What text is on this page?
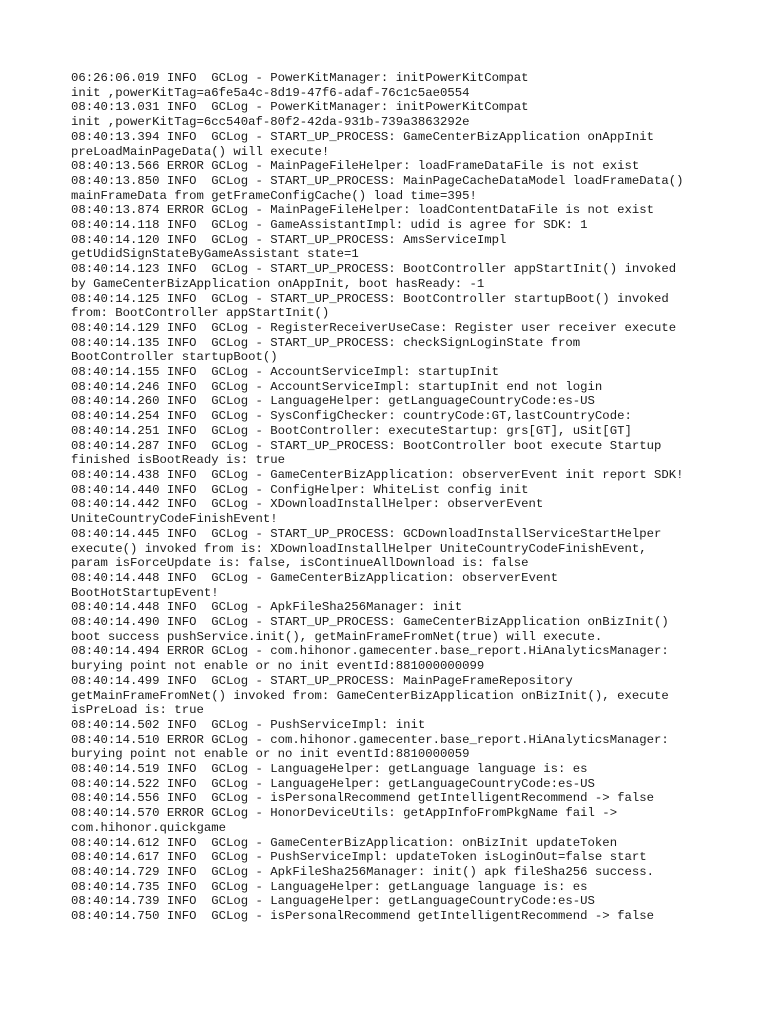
06:26:06.019 INFO  GCLog - PowerKitManager: initPowerKitCompat
init ,powerKitTag=a6fe5a4c-8d19-47f6-adaf-76c1c5ae0554
08:40:13.031 INFO  GCLog - PowerKitManager: initPowerKitCompat
init ,powerKitTag=6cc540af-80f2-42da-931b-739a3863292e
08:40:13.394 INFO  GCLog - START_UP_PROCESS: GameCenterBizApplication onAppInit
preLoadMainPageData() will execute!
08:40:13.566 ERROR GCLog - MainPageFileHelper: loadFrameDataFile is not exist
08:40:13.850 INFO  GCLog - START_UP_PROCESS: MainPageCacheDataModel loadFrameData()
mainFrameData from getFrameConfigCache() load time=395!
08:40:13.874 ERROR GCLog - MainPageFileHelper: loadContentDataFile is not exist
08:40:14.118 INFO  GCLog - GameAssistantImpl: udid is agree for SDK: 1
08:40:14.120 INFO  GCLog - START_UP_PROCESS: AmsServiceImpl
getUdidSignStateByGameAssistant state=1
08:40:14.123 INFO  GCLog - START_UP_PROCESS: BootController appStartInit() invoked
by GameCenterBizApplication onAppInit, boot hasReady: -1
08:40:14.125 INFO  GCLog - START_UP_PROCESS: BootController startupBoot() invoked
from: BootController appStartInit()
08:40:14.129 INFO  GCLog - RegisterReceiverUseCase: Register user receiver execute
08:40:14.135 INFO  GCLog - START_UP_PROCESS: checkSignLoginState from
BootController startupBoot()
08:40:14.155 INFO  GCLog - AccountServiceImpl: startupInit
08:40:14.246 INFO  GCLog - AccountServiceImpl: startupInit end not login
08:40:14.260 INFO  GCLog - LanguageHelper: getLanguageCountryCode:es-US
08:40:14.254 INFO  GCLog - SysConfigChecker: countryCode:GT,lastCountryCode:
08:40:14.251 INFO  GCLog - BootController: executeStartup: grs[GT], uSit[GT]
08:40:14.287 INFO  GCLog - START_UP_PROCESS: BootController boot execute Startup
finished isBootReady is: true
08:40:14.438 INFO  GCLog - GameCenterBizApplication: observerEvent init report SDK!
08:40:14.440 INFO  GCLog - ConfigHelper: WhiteList config init
08:40:14.442 INFO  GCLog - XDownloadInstallHelper: observerEvent
UniteCountryCodeFinishEvent!
08:40:14.445 INFO  GCLog - START_UP_PROCESS: GCDownloadInstallServiceStartHelper
execute() invoked from is: XDownloadInstallHelper UniteCountryCodeFinishEvent,
param isForceUpdate is: false, isContinueAllDownload is: false
08:40:14.448 INFO  GCLog - GameCenterBizApplication: observerEvent
BootHotStartupEvent!
08:40:14.448 INFO  GCLog - ApkFileSha256Manager: init
08:40:14.490 INFO  GCLog - START_UP_PROCESS: GameCenterBizApplication onBizInit()
boot success pushService.init(), getMainFrameFromNet(true) will execute.
08:40:14.494 ERROR GCLog - com.hihonor.gamecenter.base_report.HiAnalyticsManager:
burying point not enable or no init eventId:881000000099
08:40:14.499 INFO  GCLog - START_UP_PROCESS: MainPageFrameRepository
getMainFrameFromNet() invoked from: GameCenterBizApplication onBizInit(), execute
isPreLoad is: true
08:40:14.502 INFO  GCLog - PushServiceImpl: init
08:40:14.510 ERROR GCLog - com.hihonor.gamecenter.base_report.HiAnalyticsManager:
burying point not enable or no init eventId:8810000059
08:40:14.519 INFO  GCLog - LanguageHelper: getLanguage language is: es
08:40:14.522 INFO  GCLog - LanguageHelper: getLanguageCountryCode:es-US
08:40:14.556 INFO  GCLog - isPersonalRecommend getIntelligentRecommend -> false
08:40:14.570 ERROR GCLog - HonorDeviceUtils: getAppInfoFromPkgName fail ->
com.hihonor.quickgame
08:40:14.612 INFO  GCLog - GameCenterBizApplication: onBizInit updateToken
08:40:14.617 INFO  GCLog - PushServiceImpl: updateToken isLoginOut=false start
08:40:14.729 INFO  GCLog - ApkFileSha256Manager: init() apk fileSha256 success.
08:40:14.735 INFO  GCLog - LanguageHelper: getLanguage language is: es
08:40:14.739 INFO  GCLog - LanguageHelper: getLanguageCountryCode:es-US
08:40:14.750 INFO  GCLog - isPersonalRecommend getIntelligentRecommend -> false
